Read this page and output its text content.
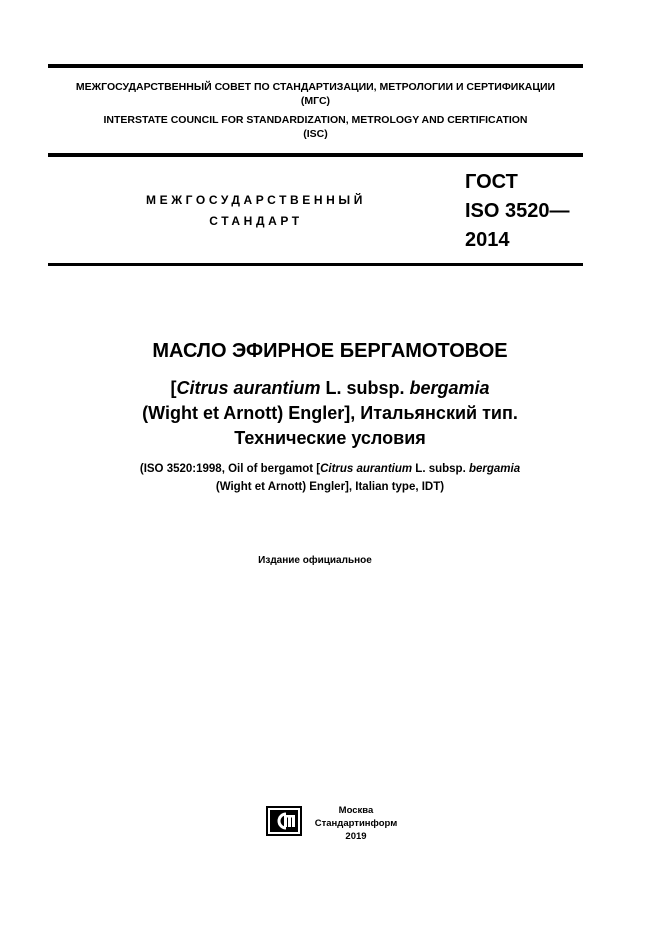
МЕЖГОСУДАРСТВЕННЫЙ СОВЕТ ПО СТАНДАРТИЗАЦИИ, МЕТРОЛОГИИ И СЕРТИФИКАЦИИ
(МГС)
INTERSTATE COUNCIL FOR STANDARDIZATION, METROLOGY AND CERTIFICATION
(ISC)
МЕЖГОСУДАРСТВЕННЫЙ
СТАНДАРТ
ГОСТ
ISO 3520—
2014
МАСЛО ЭФИРНОЕ БЕРГАМОТОВОЕ
[Citrus aurantium L. subsp. bergamia
(Wight et Arnott) Engler], Итальянский тип.
Технические условия
(ISO 3520:1998, Oil of bergamot [Citrus aurantium L. subsp. bergamia
(Wight et Arnott) Engler], Italian type, IDT)
Издание официальное
Москва
Стандартинформ
2019
